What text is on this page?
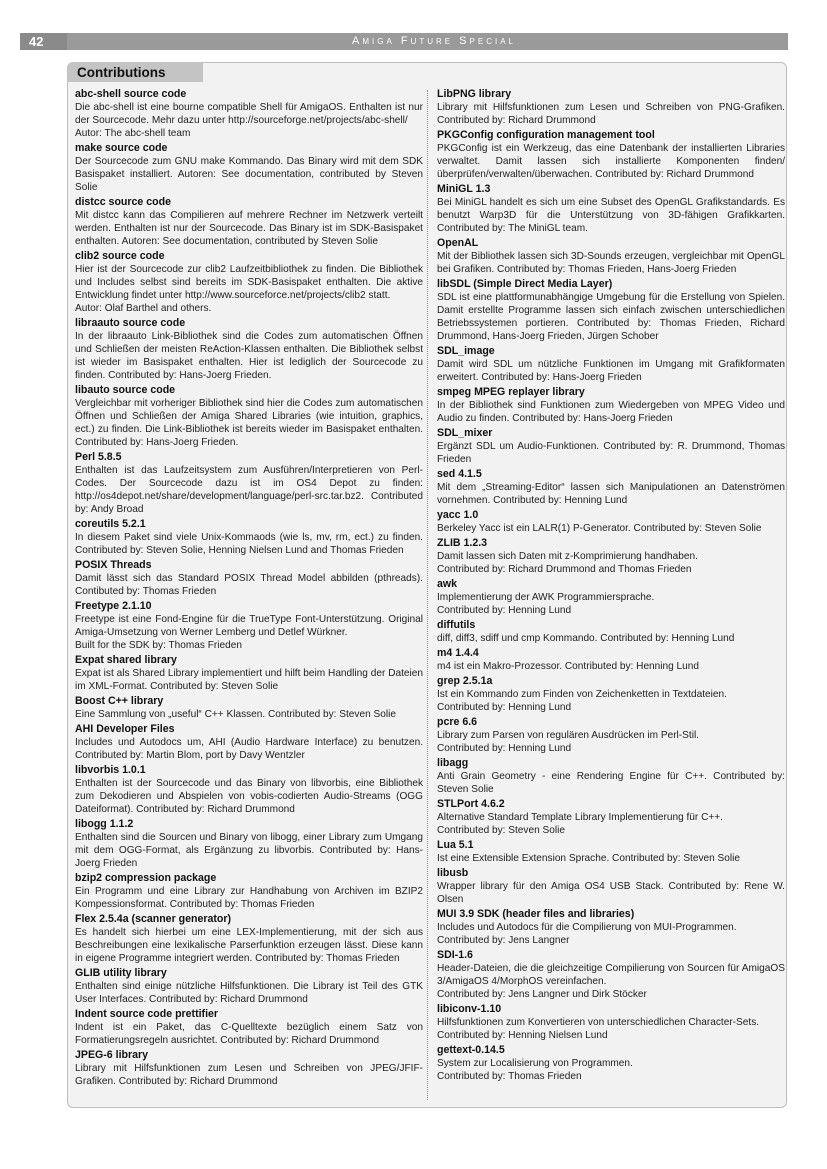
42	Amiga Future Special
Contributions
abc-shell source code
Die abc-shell ist eine bourne compatible Shell für AmigaOS. Enthalten ist nur der Sourcecode. Mehr dazu unter http://sourceforge.net/projects/abc-shell/
Autor: The abc-shell team
make source code
Der Sourcecode zum GNU make Kommando. Das Binary wird mit dem SDK Basispaket installiert. Autoren: See documentation, contributed by Steven Solie
distcc source code
Mit distcc kann das Compilieren auf mehrere Rechner im Netzwerk verteilt werden. Enthalten ist nur der Sourcecode. Das Binary ist im SDK-Basispaket enthalten. Autoren: See documentation, contributed by Steven Solie
clib2 source code
Hier ist der Sourcecode zur clib2 Laufzeitbibliothek zu finden. Die Bibliothek und Includes selbst sind bereits im SDK-Basispaket enthalten. Die aktive Entwicklung findet unter http://www.sourceforce.net/projects/clib2 statt.
Autor: Olaf Barthel and others.
libraauto source code
In der libraauto Link-Bibliothek sind die Codes zum automatischen Öffnen und Schließen der meisten ReAction-Klassen enthalten. Die Bibliothek selbst ist wieder im Basispaket enthalten. Hier ist lediglich der Sourcecode zu finden. Contributed by: Hans-Joerg Frieden.
libauto source code
Vergleichbar mit vorheriger Bibliothek sind hier die Codes zum automatischen Öffnen und Schließen der Amiga Shared Libraries (wie intuition, graphics, ect.) zu finden. Die Link-Bibliothek ist bereits wieder im Basispaket enthalten. Contributed by: Hans-Joerg Frieden.
Perl 5.8.5
Enthalten ist das Laufzeitsystem zum Ausführen/Interpretieren von Perl-Codes. Der Sourcecode dazu ist im OS4 Depot zu finden: http://os4depot.net/share/development/language/perl-src.tar.bz2. Contributed by: Andy Broad
coreutils 5.2.1
In diesem Paket sind viele Unix-Kommaods (wie ls, mv, rm, ect.) zu finden. Contributed by: Steven Solie, Henning Nielsen Lund and Thomas Frieden
POSIX Threads
Damit lässt sich das Standard POSIX Thread Model abbilden (pthreads). Contibuted by: Thomas Frieden
Freetype 2.1.10
Freetype ist eine Fond-Engine für die TrueType Font-Unterstützung. Original Amiga-Umsetzung von Werner Lemberg und Detlef Würkner.
Built for the SDK by: Thomas Frieden
Expat shared library
Expat ist als Shared Library implementiert und hilft beim Handling der Dateien im XML-Format. Contributed by: Steven Solie
Boost C++ library
Eine Sammlung von „useful“ C++ Klassen. Contributed by: Steven Solie
AHI Developer Files
Includes und Autodocs um, AHI (Audio Hardware Interface) zu benutzen. Contributed by: Martin Blom, port by Davy Wentzler
libvorbis 1.0.1
Enthalten ist der Sourcecode und das Binary von libvorbis, eine Bibliothek zum Dekodieren und Abspielen von vobis-codierten Audio-Streams (OGG Dateiformat). Contributed by: Richard Drummond
libogg 1.1.2
Enthalten sind die Sourcen und Binary von libogg, einer Library zum Umgang mit dem OGG-Format, als Ergänzung zu libvorbis. Contributed by: Hans-Joerg Frieden
bzip2 compression package
Ein Programm und eine Library zur Handhabung von Archiven im BZIP2 Kompessionsformat. Contributed by: Thomas Frieden
Flex 2.5.4a (scanner generator)
Es handelt sich hierbei um eine LEX-Implementierung, mit der sich aus Beschreibungen eine lexikalische Parserfunktion erzeugen lässt. Diese kann in eigene Programme integriert werden. Contributed by: Thomas Frieden
GLIB utility library
Enthalten sind einige nützliche Hilfsfunktionen. Die Library ist Teil des GTK User Interfaces. Contributed by: Richard Drummond
Indent source code prettifier
Indent ist ein Paket, das C-Quelltexte bezüglich einem Satz von Formatierungsregeln ausrichtet. Contributed by: Richard Drummond
JPEG-6 library
Library mit Hilfsfunktionen zum Lesen und Schreiben von JPEG/JFIF-Grafiken. Contributed by: Richard Drummond
LibPNG library
Library mit Hilfsfunktionen zum Lesen und Schreiben von PNG-Grafiken. Contributed by: Richard Drummond
PKGConfig configuration management tool
PKGConfig ist ein Werkzeug, das eine Datenbank der installierten Libraries verwaltet. Damit lassen sich installierte Komponenten finden/überprüfen/verwalten/überwachen. Contributed by: Richard Drummond
MiniGL 1.3
Bei MiniGL handelt es sich um eine Subset des OpenGL Grafikstandards. Es benutzt Warp3D für die Unterstützung von 3D-fähigen Grafikkarten. Contributed by: The MiniGL team.
OpenAL
Mit der Bibliothek lassen sich 3D-Sounds erzeugen, vergleichbar mit OpenGL bei Grafiken. Contributed by: Thomas Frieden, Hans-Joerg Frieden
libSDL (Simple Direct Media Layer)
SDL ist eine plattformunabhängige Umgebung für die Erstellung von Spielen. Damit erstellte Programme lassen sich einfach zwischen unterschiedlichen Betriebssystemen portieren. Contributed by: Thomas Frieden, Richard Drummond, Hans-Joerg Frieden, Jürgen Schober
SDL_image
Damit wird SDL um nützliche Funktionen im Umgang mit Grafikformaten erweitert. Contributed by: Hans-Joerg Frieden
smpeg MPEG replayer library
In der Bibliothek sind Funktionen zum Wiedergeben von MPEG Video und Audio zu finden. Contributed by: Hans-Joerg Frieden
SDL_mixer
Ergänzt SDL um Audio-Funktionen. Contributed by: R. Drummond, Thomas Frieden
sed 4.1.5
Mit dem „Streaming-Editor“ lassen sich Manipulationen an Datenströmen vornehmen. Contributed by: Henning Lund
yacc 1.0
Berkeley Yacc ist ein LALR(1) P-Generator. Contributed by: Steven Solie
ZLIB 1.2.3
Damit lassen sich Daten mit z-Komprimierung handhaben.
Contributed by: Richard Drummond and Thomas Frieden
awk
Implementierung der AWK Programmiersprache.
Contributed by: Henning Lund
diffutils
diff, diff3, sdiff und cmp Kommando. Contributed by: Henning Lund
m4 1.4.4
m4 ist ein Makro-Prozessor. Contributed by: Henning Lund
grep 2.5.1a
Ist ein Kommando zum Finden von Zeichenketten in Textdateien.
Contributed by: Henning Lund
pcre 6.6
Library zum Parsen von regulären Ausdrücken im Perl-Stil.
Contributed by: Henning Lund
libagg
Anti Grain Geometry - eine Rendering Engine für C++. Contributed by: Steven Solie
STLPort 4.6.2
Alternative Standard Template Library Implementierung für C++.
Contributed by: Steven Solie
Lua 5.1
Ist eine Extensible Extension Sprache. Contributed by: Steven Solie
libusb
Wrapper library für den Amiga OS4 USB Stack. Contributed by: Rene W. Olsen
MUI 3.9 SDK (header files and libraries)
Includes und Autodocs für die Compilierung von MUI-Programmen.
Contributed by: Jens Langner
SDI-1.6
Header-Dateien, die die gleichzeitige Compilierung von Sourcen für AmigaOS 3/AmigaOS 4/MorphOS vereinfachen.
Contributed by: Jens Langner und Dirk Stöcker
libiconv-1.10
Hilfsfunktionen zum Konvertieren von unterschiedlichen Character-Sets.
Contributed by: Henning Nielsen Lund
gettext-0.14.5
System zur Localisierung von Programmen.
Contributed by: Thomas Frieden
